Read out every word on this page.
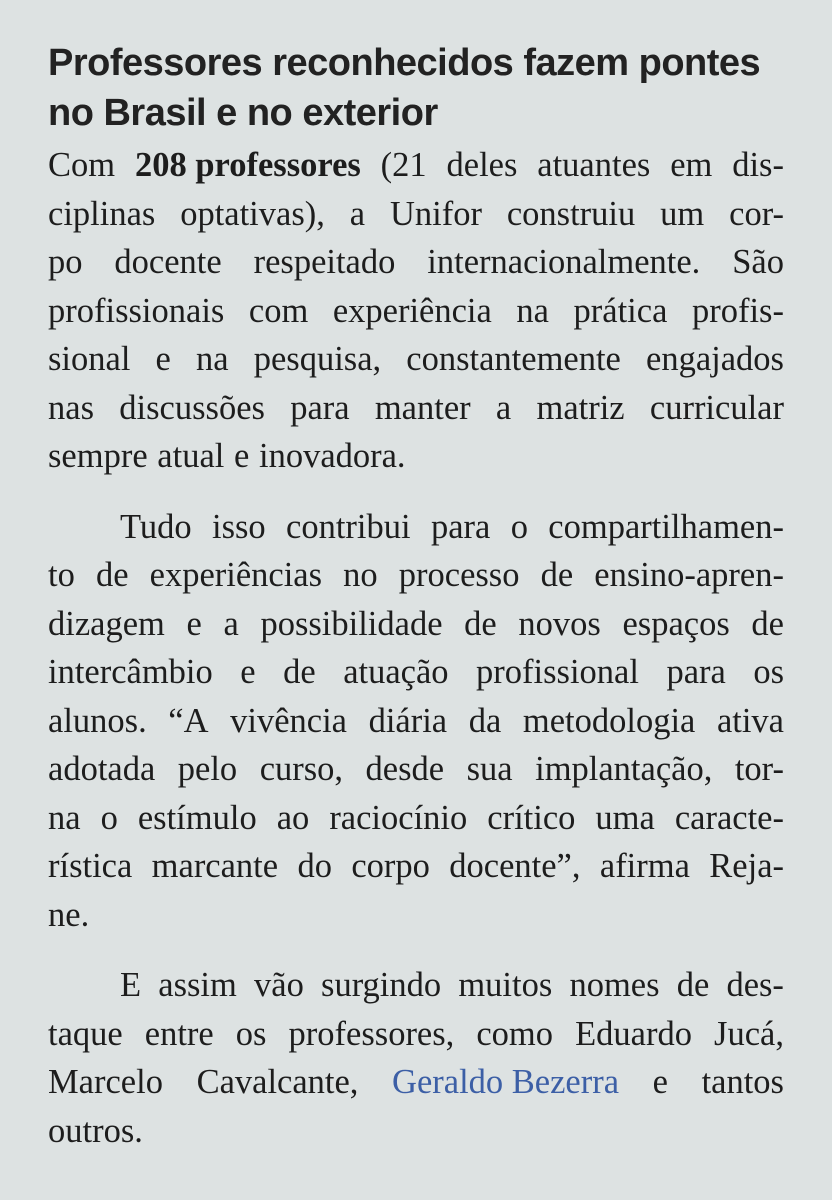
Professores reconhecidos fazem pontes
no Brasil e no exterior
Com 208 professores (21 deles atuantes em dis-
ciplinas optativas), a Unifor construiu um cor-
po docente respeitado internacionalmente. São
profissionais com experiência na prática profis-
sional e na pesquisa, constantemente engajados
nas discussões para manter a matriz curricular
sempre atual e inovadora.
Tudo isso contribui para o compartilhamen-
to de experiências no processo de ensino-apren-
dizagem e a possibilidade de novos espaços de
intercâmbio e de atuação profissional para os
alunos. “A vivência diária da metodologia ativa
adotada pelo curso, desde sua implantação, tor-
na o estímulo ao raciocínio crítico uma caracte-
rística marcante do corpo docente”, afirma Reja-
ne.
E assim vão surgindo muitos nomes de des-
taque entre os professores, como Eduardo Jucá,
Marcelo Cavalcante, Geraldo Bezerra e tantos
outros.
